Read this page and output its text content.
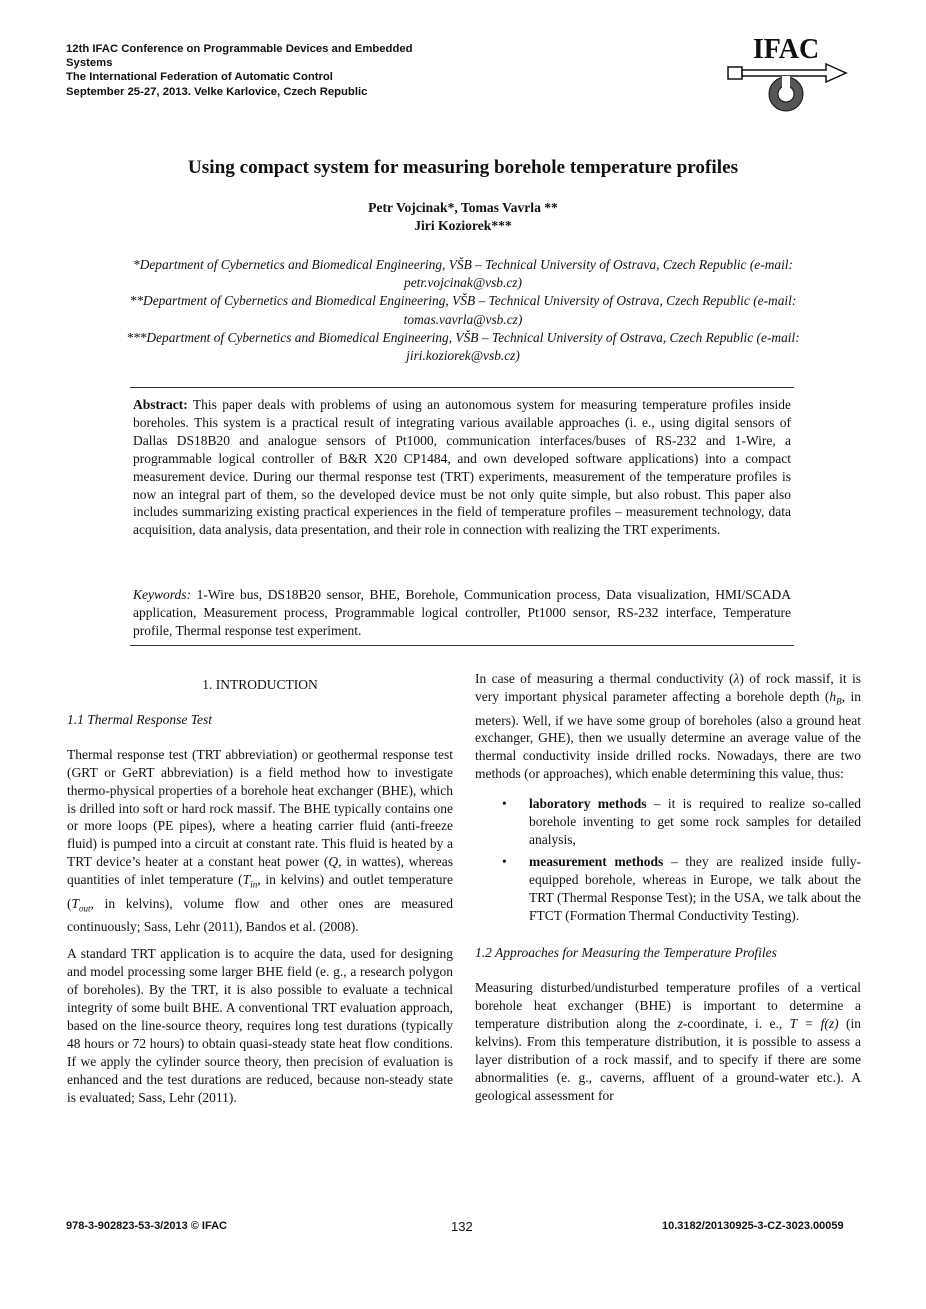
12th IFAC Conference on Programmable Devices and Embedded
Systems
The International Federation of Automatic Control
September 25-27, 2013. Velke Karlovice, Czech Republic
IFAC
Using compact system for measuring borehole temperature profiles
Petr Vojcinak*, Tomas Vavrla **
Jiri Koziorek***
*Department of Cybernetics and Biomedical Engineering, VŠB – Technical University of Ostrava, Czech Republic (e-mail:
petr.vojcinak@vsb.cz)
**Department of Cybernetics and Biomedical Engineering, VŠB – Technical University of Ostrava, Czech Republic (e-mail:
tomas.vavrla@vsb.cz)
***Department of Cybernetics and Biomedical Engineering, VŠB – Technical University of Ostrava, Czech Republic (e-mail:
jiri.koziorek@vsb.cz)
Abstract: This paper deals with problems of using an autonomous system for measuring temperature profiles inside boreholes. This system is a practical result of integrating various available approaches (i. e., using digital sensors of Dallas DS18B20 and analogue sensors of Pt1000, communication interfaces/buses of RS-232 and 1-Wire, a programmable logical controller of B&R X20 CP1484, and own developed software applications) into a compact measurement device. During our thermal response test (TRT) experiments, measurement of the temperature profiles is now an integral part of them, so the developed device must be not only quite simple, but also robust. This paper also includes summarizing existing practical experiences in the field of temperature profiles – measurement technology, data acquisition, data analysis, data presentation, and their role in connection with realizing the TRT experiments.
Keywords: 1-Wire bus, DS18B20 sensor, BHE, Borehole, Communication process, Data visualization, HMI/SCADA application, Measurement process, Programmable logical controller, Pt1000 sensor, RS-232 interface, Temperature profile, Thermal response test experiment.

1. INTRODUCTION

1.1 Thermal Response Test

Thermal response test (TRT abbreviation) or geothermal response test (GRT or GeRT abbreviation) is a field method how to investigate thermo-physical properties of a borehole heat exchanger (BHE), which is drilled into soft or hard rock massif. The BHE typically contains one or more loops (PE pipes), where a heating carrier fluid (anti-freeze fluid) is pumped into a circuit at constant rate. This fluid is heated by a TRT device’s heater at a constant heat power (Q, in wattes), whereas quantities of inlet temperature ($T_{in}$, in kelvins) and outlet temperature ($T_{out}$, in kelvins), volume flow and other ones are measured continuously; Sass, Lehr (2011), Bandos et al. (2008).

A standard TRT application is to acquire the data, used for designing and model processing some larger BHE field (e. g., a research polygon of boreholes). By the TRT, it is also possible to evaluate a technical integrity of some built BHE. A conventional TRT evaluation approach, based on the line-source theory, requires long test durations (typically 48 hours or 72 hours) to obtain quasi-steady state heat flow conditions. If we apply the cylinder source theory, then precision of evaluation is enhanced and the test durations are reduced, because non-steady state is evaluated; Sass, Lehr (2011).

In case of measuring a thermal conductivity (λ) of rock massif, it is very important physical parameter affecting a borehole depth ($h_B$, in meters). Well, if we have some group of boreholes (also a ground heat exchanger, GHE), then we usually determine an average value of the thermal conductivity inside drilled rocks. Nowadays, there are two methods (or approaches), which enable determining this value, thus:

• laboratory methods – it is required to realize so-called borehole inventing to get some rock samples for detailed analysis,
• measurement methods – they are realized inside fully-equipped borehole, whereas in Europe, we talk about the TRT (Thermal Response Test); in the USA, we talk about the FTCT (Formation Thermal Conductivity Testing).

1.2 Approaches for Measuring the Temperature Profiles

Measuring disturbed/undisturbed temperature profiles of a vertical borehole heat exchanger (BHE) is important to determine a temperature distribution along the z-coordinate, i. e., T = f(z) (in kelvins). From this temperature distribution, it is possible to assess a layer distribution of a rock massif, and to specify if there are some abnormalities (e. g., caverns, affluent of a ground-water etc.). A geological assessment for

978-3-902823-53-3/2013 © IFAC	132	10.3182/20130925-3-CZ-3023.00059
